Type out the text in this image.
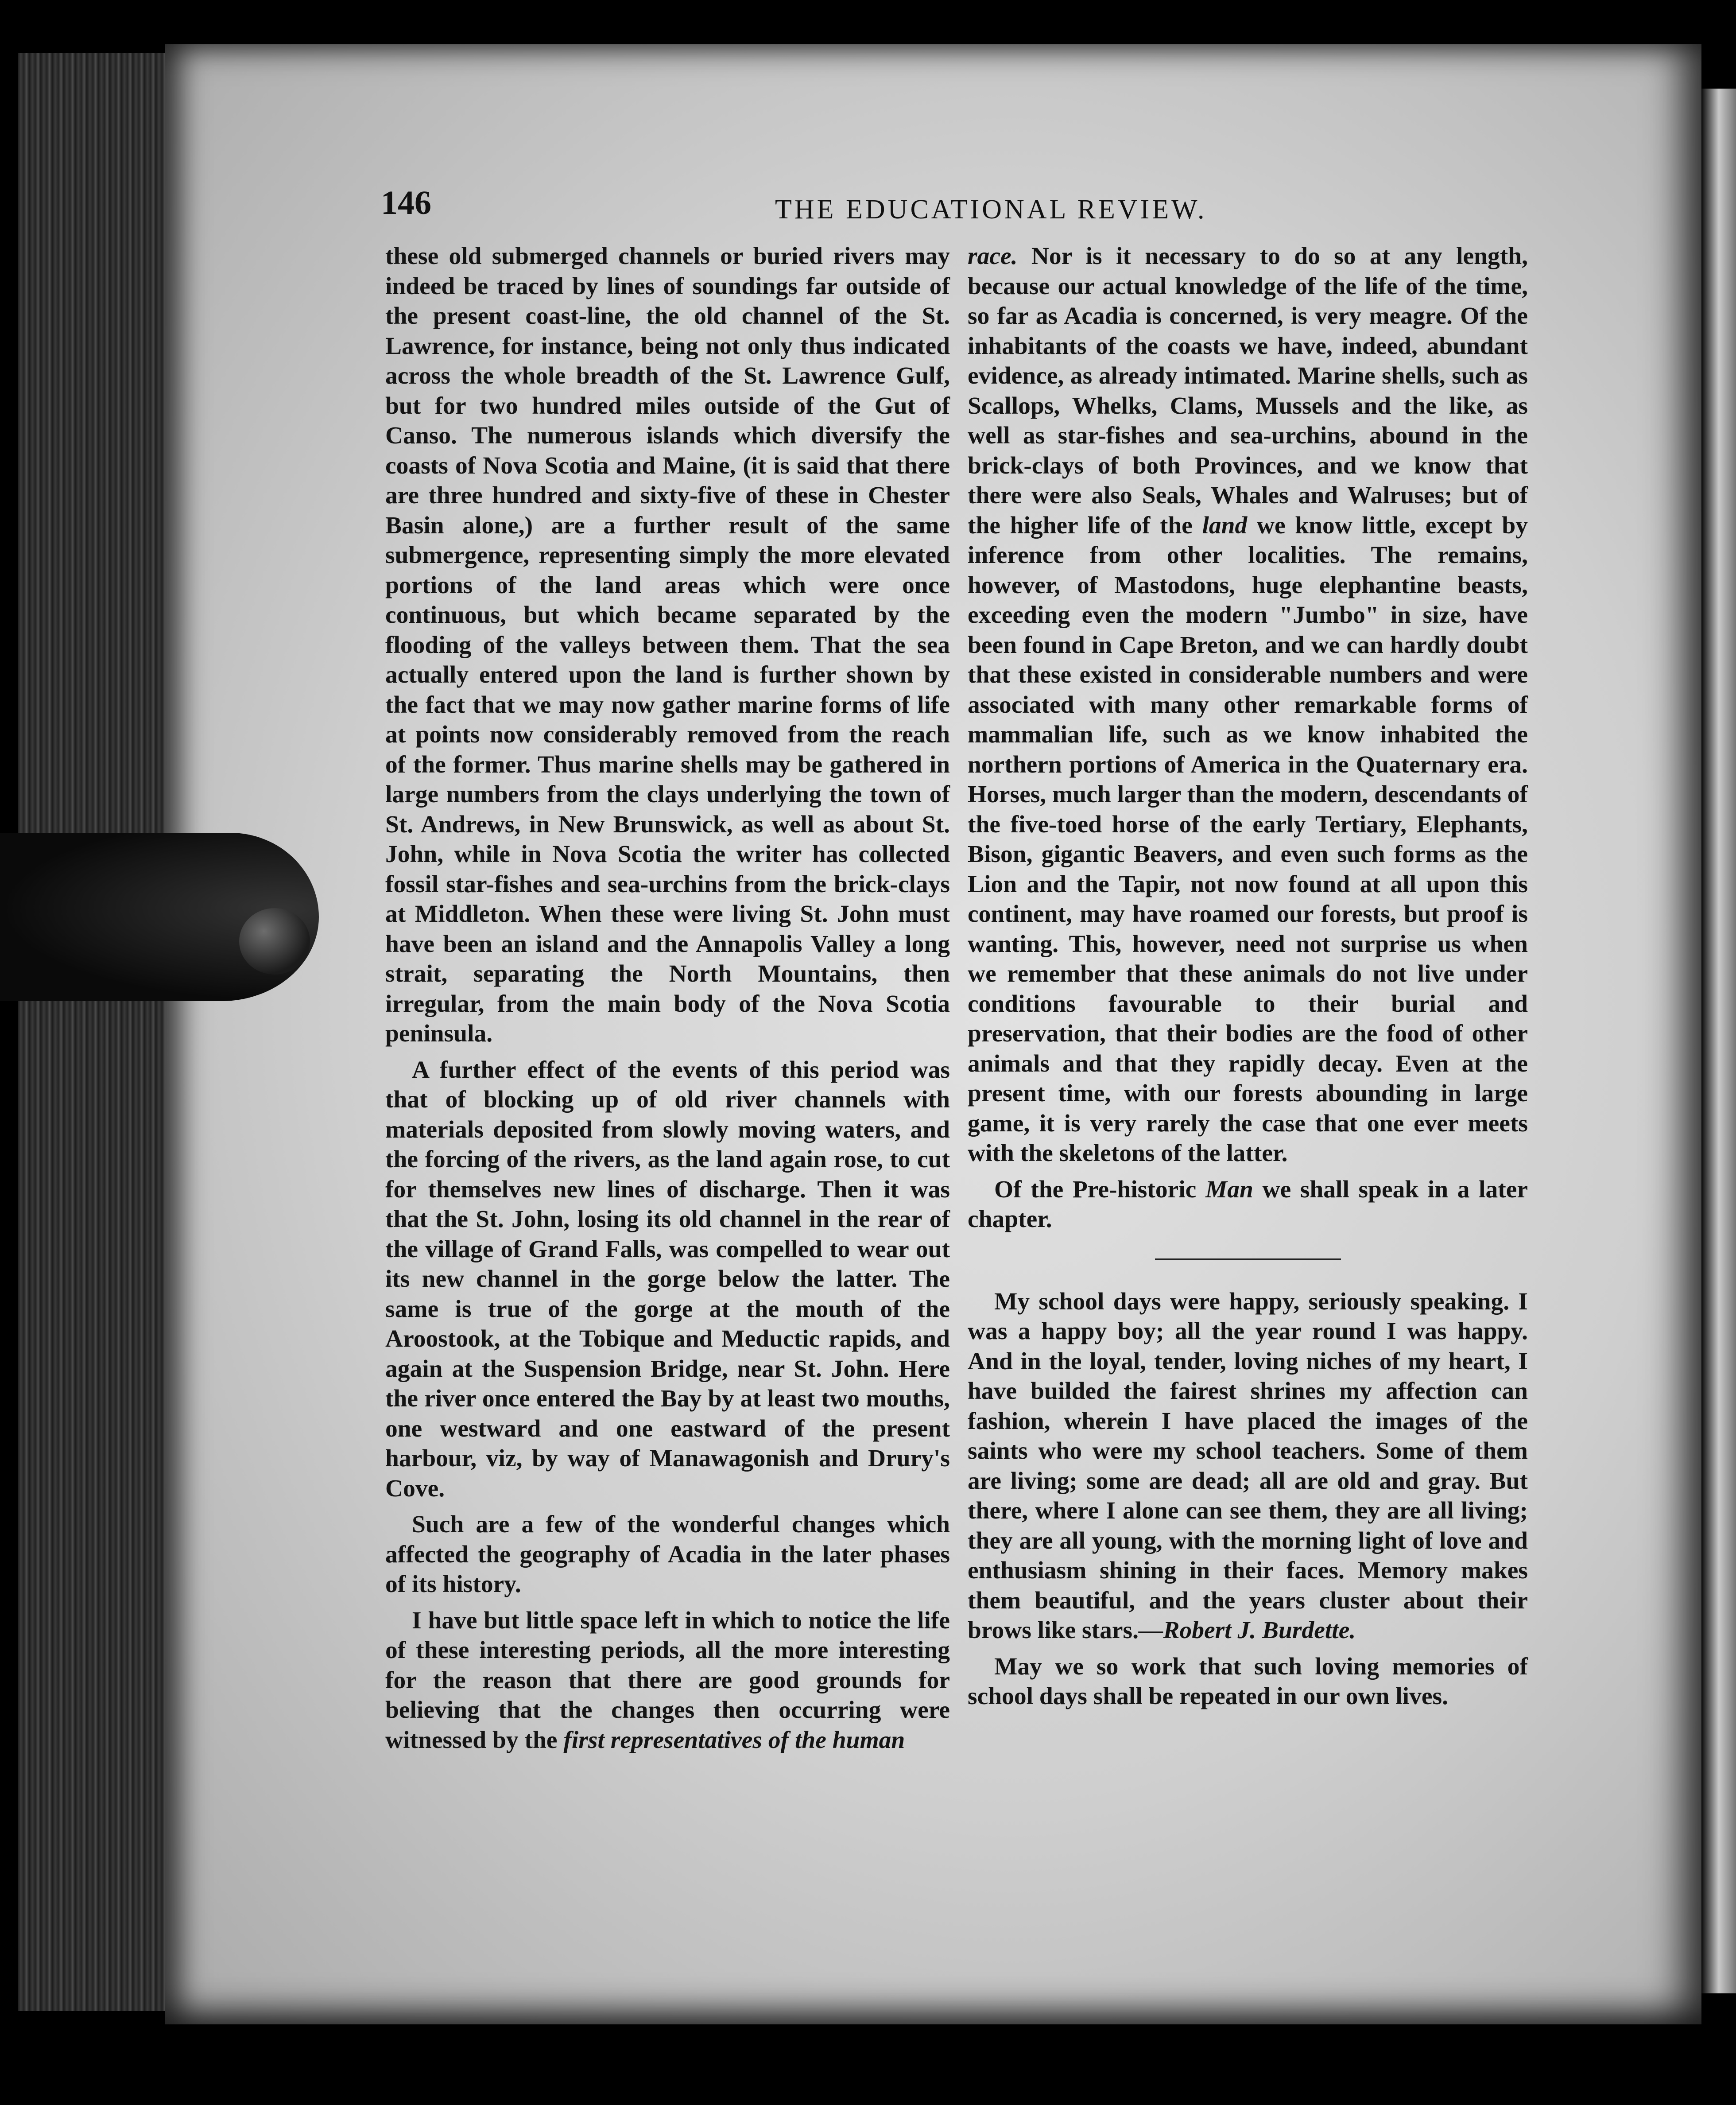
146	THE EDUCATIONAL REVIEW.

these old submerged channels or buried rivers may indeed be traced by lines of soundings far outside of the present coast-line, the old channel of the St. Lawrence, for instance, being not only thus indicated across the whole breadth of the St. Lawrence Gulf, but for two hundred miles outside of the Gut of Canso. The numerous islands which diversify the coasts of Nova Scotia and Maine, (it is said that there are three hundred and sixty-five of these in Chester Basin alone,) are a further result of the same submergence, representing simply the more elevated portions of the land areas which were once continuous, but which became separated by the flooding of the valleys between them. That the sea actually entered upon the land is further shown by the fact that we may now gather marine forms of life at points now considerably removed from the reach of the former. Thus marine shells may be gathered in large numbers from the clays underlying the town of St. Andrews, in New Brunswick, as well as about St. John, while in Nova Scotia the writer has collected fossil star-fishes and sea-urchins from the brick-clays at Middleton. When these were living St. John must have been an island and the Annapolis Valley a long strait, separating the North Mountains, then irregular, from the main body of the Nova Scotia peninsula.

A further effect of the events of this period was that of blocking up of old river channels with materials deposited from slowly moving waters, and the forcing of the rivers, as the land again rose, to cut for themselves new lines of discharge. Then it was that the St. John, losing its old channel in the rear of the village of Grand Falls, was compelled to wear out its new channel in the gorge below the latter. The same is true of the gorge at the mouth of the Aroostook, at the Tobique and Meductic rapids, and again at the Suspension Bridge, near St. John. Here the river once entered the Bay by at least two mouths, one westward and one eastward of the present harbour, viz, by way of Manawagonish and Drury's Cove.

Such are a few of the wonderful changes which affected the geography of Acadia in the later phases of its history.

I have but little space left in which to notice the life of these interesting periods, all the more interesting for the reason that there are good grounds for believing that the changes then occurring were witnessed by the first representatives of the human

race. Nor is it necessary to do so at any length, because our actual knowledge of the life of the time, so far as Acadia is concerned, is very meagre. Of the inhabitants of the coasts we have, indeed, abundant evidence, as already intimated. Marine shells, such as Scallops, Whelks, Clams, Mussels and the like, as well as star-fishes and sea-urchins, abound in the brick-clays of both Provinces, and we know that there were also Seals, Whales and Walruses; but of the higher life of the land we know little, except by inference from other localities. The remains, however, of Mastodons, huge elephantine beasts, exceeding even the modern "Jumbo" in size, have been found in Cape Breton, and we can hardly doubt that these existed in considerable numbers and were associated with many other remarkable forms of mammalian life, such as we know inhabited the northern portions of America in the Quaternary era. Horses, much larger than the modern, descendants of the five-toed horse of the early Tertiary, Elephants, Bison, gigantic Beavers, and even such forms as the Lion and the Tapir, not now found at all upon this continent, may have roamed our forests, but proof is wanting. This, however, need not surprise us when we remember that these animals do not live under conditions favourable to their burial and preservation, that their bodies are the food of other animals and that they rapidly decay. Even at the present time, with our forests abounding in large game, it is very rarely the case that one ever meets with the skeletons of the latter.

Of the Pre-historic Man we shall speak in a later chapter.

My school days were happy, seriously speaking. I was a happy boy; all the year round I was happy. And in the loyal, tender, loving niches of my heart, I have builded the fairest shrines my affection can fashion, wherein I have placed the images of the saints who were my school teachers. Some of them are living; some are dead; all are old and gray. But there, where I alone can see them, they are all living; they are all young, with the morning light of love and enthusiasm shining in their faces. Memory makes them beautiful, and the years cluster about their brows like stars.—Robert J. Burdette.

May we so work that such loving memories of school days shall be repeated in our own lives.
